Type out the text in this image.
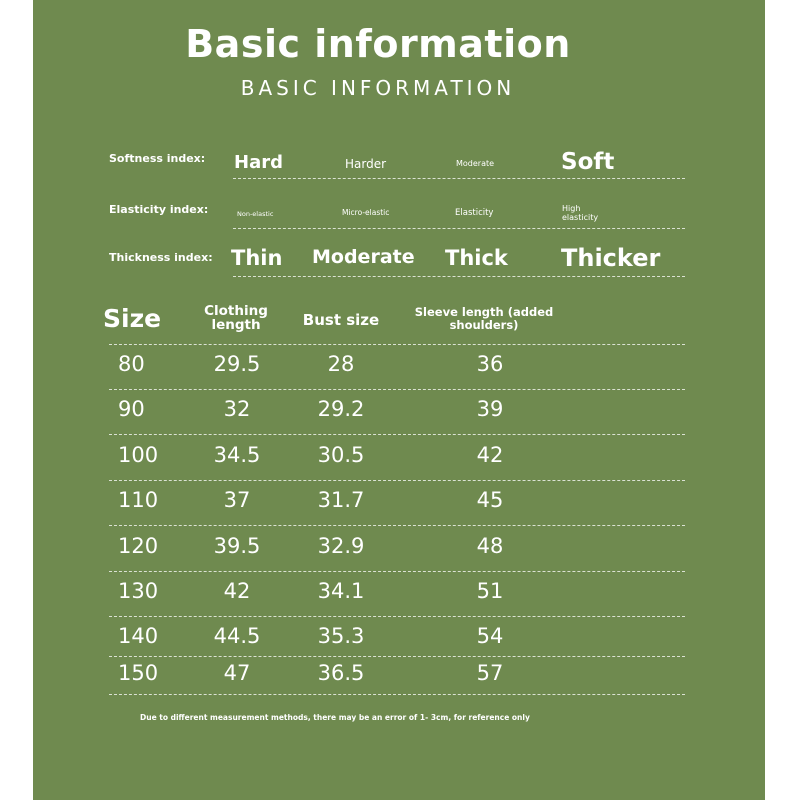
Basic information
BASIC INFORMATION
Softness index: Hard	Harder	Moderate	Soft
Elasticity index:	Non-elastic	Micro-elastic	Elasticity	High elasticity
Thickness index: Thin Moderate Thick Thicker
Size	Clothing length	Bust size	Sleeve length (added shoulders)
80	29.5	28	36
90	32	29.2	39
100	34.5	30.5	42
110	37	31.7	45
120	39.5	32.9	48
130	42	34.1	51
140	44.5	35.3	54
150	47	36.5	57
Due to different measurement methods, there may be an error of 1- 3cm, for reference only
